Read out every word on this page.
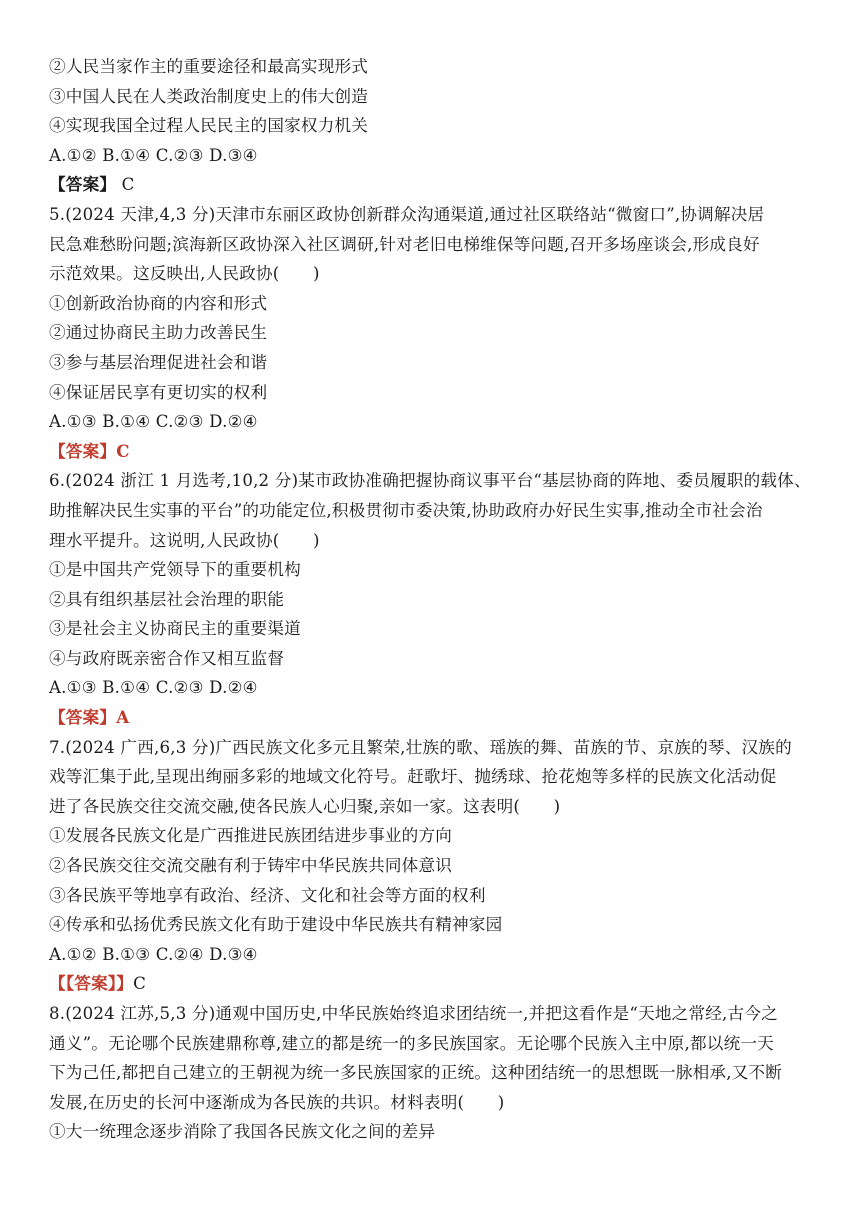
②人民当家作主的重要途径和最高实现形式
③中国人民在人类政治制度史上的伟大创造
④实现我国全过程人民民主的国家权力机关
A.①② B.①④ C.②③ D.③④
【答案】 C
5.(2024 天津,4,3 分)天津市东丽区政协创新群众沟通渠道,通过社区联络站“微窗口”,协调解决居
民急难愁盼问题;滨海新区政协深入社区调研,针对老旧电梯维保等问题,召开多场座谈会,形成良好
示范效果。这反映出,人民政协(　　)
①创新政治协商的内容和形式
②通过协商民主助力改善民生
③参与基层治理促进社会和谐
④保证居民享有更切实的权利
A.①③ B.①④ C.②③ D.②④
【答案】C
6.(2024 浙江 1 月选考,10,2 分)某市政协准确把握协商议事平台“基层协商的阵地、委员履职的载体、
助推解决民生实事的平台”的功能定位,积极贯彻市委决策,协助政府办好民生实事,推动全市社会治
理水平提升。这说明,人民政协(　　)
①是中国共产党领导下的重要机构
②具有组织基层社会治理的职能
③是社会主义协商民主的重要渠道
④与政府既亲密合作又相互监督
A.①③ B.①④ C.②③ D.②④
【答案】A
7.(2024 广西,6,3 分)广西民族文化多元且繁荣,壮族的歌、瑶族的舞、苗族的节、京族的琴、汉族的
戏等汇集于此,呈现出绚丽多彩的地域文化符号。赶歌圩、抛绣球、抢花炮等多样的民族文化活动促
进了各民族交往交流交融,使各民族人心归聚,亲如一家。这表明(　　)
①发展各民族文化是广西推进民族团结进步事业的方向
②各民族交往交流交融有利于铸牢中华民族共同体意识
③各民族平等地享有政治、经济、文化和社会等方面的权利
④传承和弘扬优秀民族文化有助于建设中华民族共有精神家园
A.①② B.①③ C.②④ D.③④
【【答案】】C
8.(2024 江苏,5,3 分)通观中国历史,中华民族始终追求团结统一,并把这看作是“天地之常经,古今之
通义”。无论哪个民族建鼎称尊,建立的都是统一的多民族国家。无论哪个民族入主中原,都以统一天
下为己任,都把自己建立的王朝视为统一多民族国家的正统。这种团结统一的思想既一脉相承,又不断
发展,在历史的长河中逐渐成为各民族的共识。材料表明(　　)
①大一统理念逐步消除了我国各民族文化之间的差异
